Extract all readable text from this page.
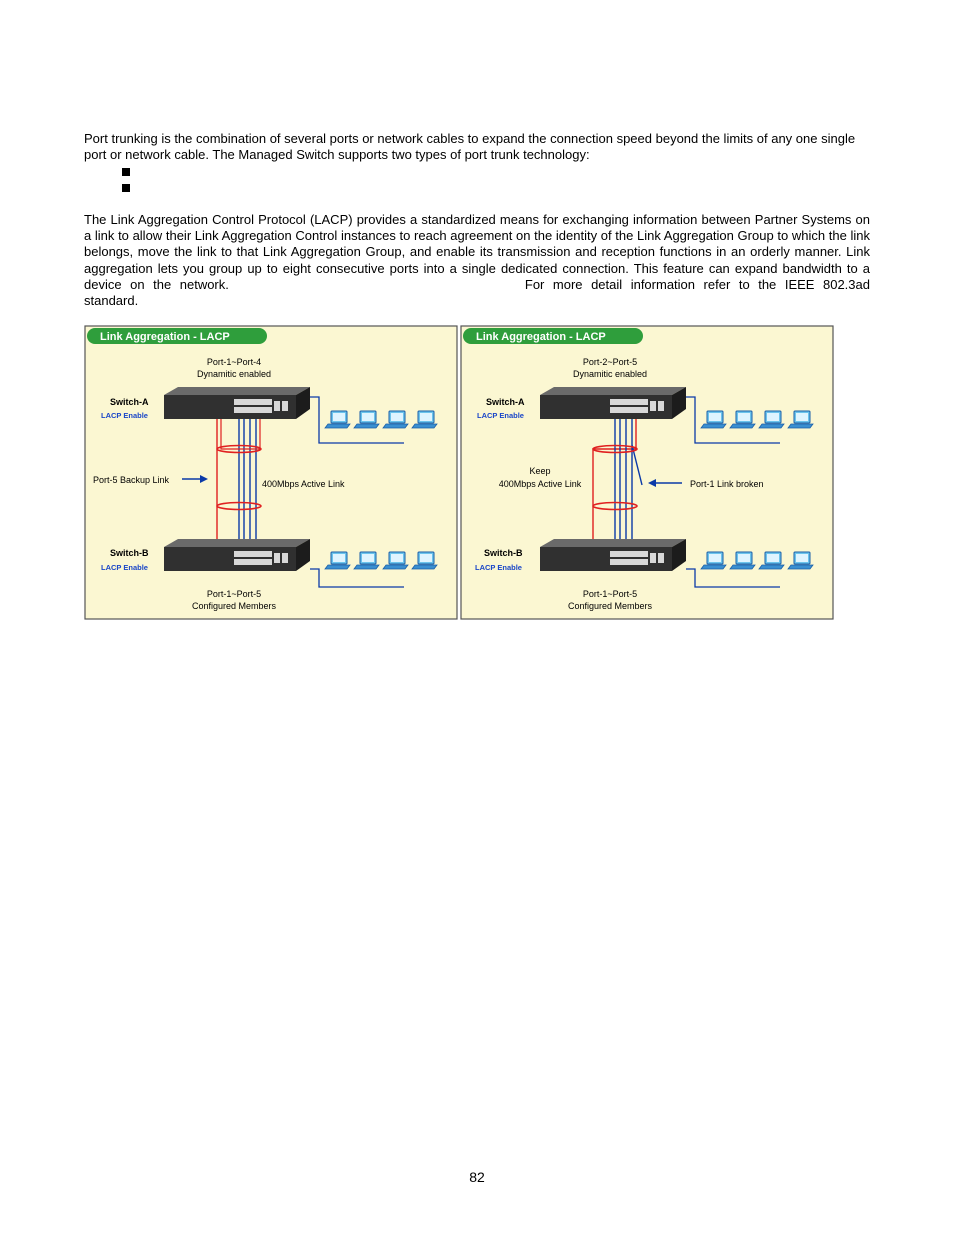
Port trunking is the combination of several ports or network cables to expand the connection speed beyond the limits of any one single port or network cable. The Managed Switch supports two types of port trunk technology:

The Link Aggregation Control Protocol (LACP) provides a standardized means for exchanging information between Partner Systems on a link to allow their Link Aggregation Control instances to reach agreement on the identity of the Link Aggregation Group to which the link belongs, move the link to that Link Aggregation Group, and enable its transmission and reception functions in an orderly manner. Link aggregation lets you group up to eight consecutive ports into a single dedicated connection. This feature can expand bandwidth to a device on the network.	For more detail information refer to the IEEE 802.3ad standard.

Link Aggregation - LACP
Port-1~Port-4
Dynamitic enabled
Switch-A
LACP Enable
Port-5 Backup Link	400Mbps Active Link
Switch-B
LACP Enable
Port-1~Port-5
Configured Members
Link Aggregation - LACP
Port-2~Port-5
Dynamitic enabled
Switch-A
LACP Enable
Keep
400Mbps Active Link	Port-1 Link broken
Switch-B
LACP Enable
Port-1~Port-5
Configured Members
82
